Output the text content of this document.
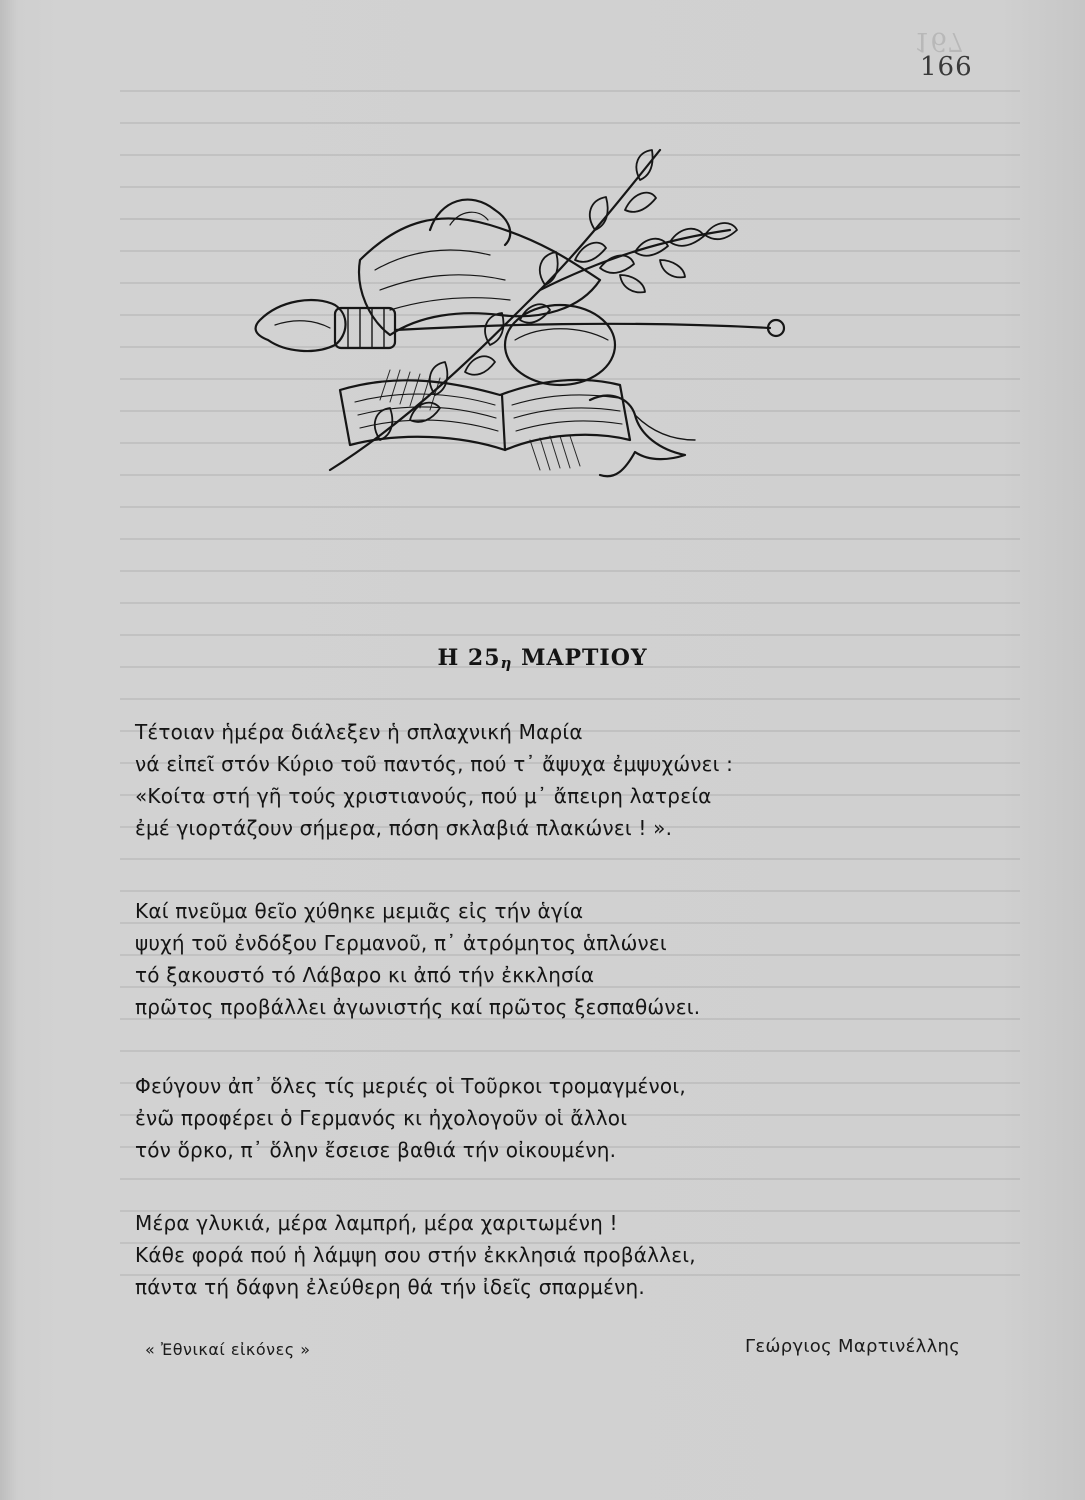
167
166
Η $25_\eta$ ΜΑΡΤΙΟΥ
Τέτοιαν ἡμέρα διάλεξεν ἡ σπλαχνική Μαρία
νά εἰπεῖ στόν Κύριο τοῦ παντός, πού τ᾽ ἄψυχα ἐμψυχώνει :
«Κοίτα στή γῆ τούς χριστιανούς, πού μ᾽ ἄπειρη λατρεία
ἐμέ γιορτάζουν σήμερα, πόση σκλαβιά πλακώνει ! ».
Καί πνεῦμα θεῖο χύθηκε μεμιᾶς εἰς τήν ἁγία
ψυχή τοῦ ἐνδόξου Γερμανοῦ, π᾽ ἀτρόμητος ἁπλώνει
τό ξακουστό τό Λάβαρο κι ἀπό τήν ἐκκλησία
πρῶτος προβάλλει ἀγωνιστής καί πρῶτος ξεσπαθώνει.
Φεύγουν ἀπ᾽ ὅλες τίς μεριές οἱ Τοῦρκοι τρομαγμένοι,
ἐνῶ προφέρει ὁ Γερμανός κι ἠχολογοῦν οἱ ἄλλοι
τόν ὅρκο, π᾽ ὅλην ἔσεισε βαθιά τήν οἰκουμένη.
Μέρα γλυκιά, μέρα λαμπρή, μέρα χαριτωμένη !
Κάθε φορά πού ἡ λάμψη σου στήν ἐκκλησιά προβάλλει,
πάντα τή δάφνη ἐλεύθερη θά τήν ἰδεῖς σπαρμένη.
« Ἐθνικαί εἰκόνες »	Γεώργιος Μαρτινέλλης
